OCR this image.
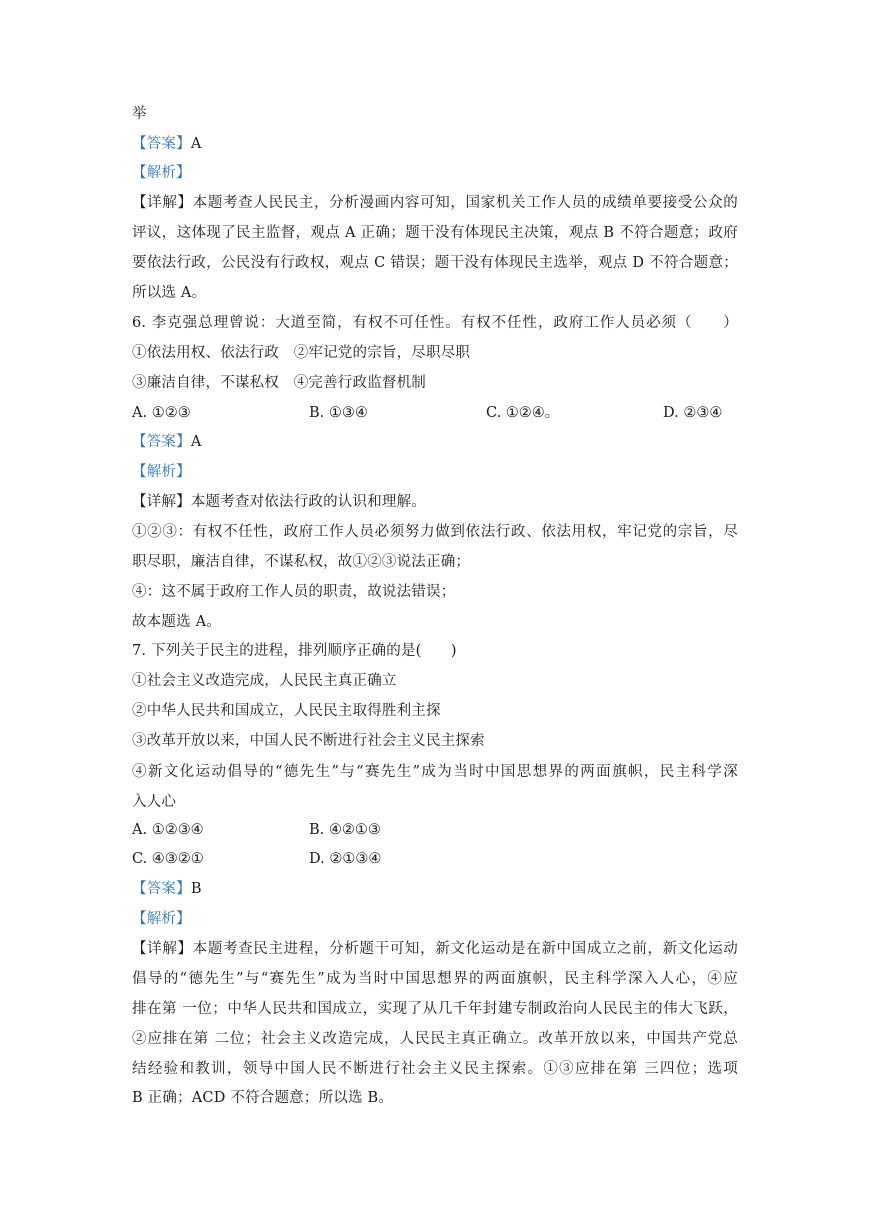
举
【答案】A
【解析】
【详解】本题考查人民民主，分析漫画内容可知，国家机关工作人员的成绩单要接受公众的
评议，这体现了民主监督，观点 A 正确；题干没有体现民主决策，观点 B 不符合题意；政府
要依法行政，公民没有行政权，观点 C 错误；题干没有体现民主选举，观点 D 不符合题意；
所以选 A。
6. 李克强总理曾说：大道至简，有权不可任性。有权不任性，政府工作人员必须（　　）
①依法用权、依法行政　②牢记党的宗旨，尽职尽职
③廉洁自律，不谋私权　④完善行政监督机制
A. ①②③	B. ①③④	C. ①②④。	D. ②③④
【答案】A
【解析】
【详解】本题考查对依法行政的认识和理解。
①②③：有权不任性，政府工作人员必须努力做到依法行政、依法用权，牢记党的宗旨，尽
职尽职，廉洁自律，不谋私权，故①②③说法正确；
④：这不属于政府工作人员的职责，故说法错误；
故本题选 A。
7. 下列关于民主的进程，排列顺序正确的是(　　)
①社会主义改造完成，人民民主真正确立
②中华人民共和国成立，人民民主取得胜利主探
③改革开放以来，中国人民不断进行社会主义民主探索
④新文化运动倡导的“德先生”与“赛先生”成为当时中国思想界的两面旗帜，民主科学深
入人心
A. ①②③④	B. ④②①③
C. ④③②①	D. ②①③④
【答案】B
【解析】
【详解】本题考查民主进程，分析题干可知，新文化运动是在新中国成立之前，新文化运动
倡导的“德先生”与“赛先生”成为当时中国思想界的两面旗帜，民主科学深入人心，④应
排在第 一位；中华人民共和国成立，实现了从几千年封建专制政治向人民民主的伟大飞跃，
②应排在第 二位；社会主义改造完成，人民民主真正确立。改革开放以来，中国共产党总
结经验和教训，领导中国人民不断进行社会主义民主探索。①③应排在第 三四位；选项
B 正确；ACD 不符合题意；所以选 B。
